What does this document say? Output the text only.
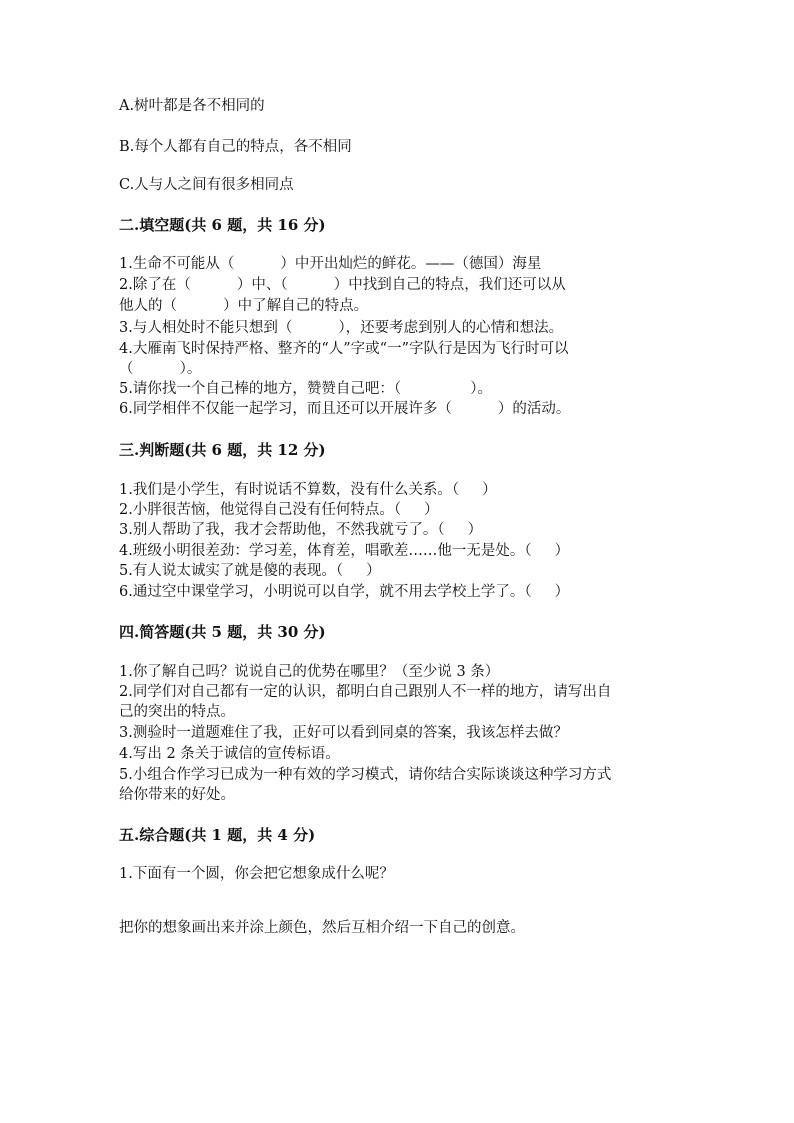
A.树叶都是各不相同的
B.每个人都有自己的特点，各不相同
C.人与人之间有很多相同点
二.填空题(共 6 题，共 16 分)
1.生命不可能从（          ）中开出灿烂的鲜花。——（德国）海星
2.除了在（          ）中、（          ）中找到自己的特点，我们还可以从
他人的（          ）中了解自己的特点。
3.与人相处时不能只想到（          ），还要考虑到别人的心情和想法。
4.大雁南飞时保持严格、整齐的“人”字或“一”字队行是因为飞行时可以
（          ）。
5.请你找一个自己棒的地方，赞赞自己吧：（               ）。
6.同学相伴不仅能一起学习，而且还可以开展许多（          ）的活动。
三.判断题(共 6 题，共 12 分)
1.我们是小学生，有时说话不算数，没有什么关系。（     ）
2.小胖很苦恼，他觉得自己没有任何特点。（     ）
3.别人帮助了我，我才会帮助他，不然我就亏了。（     ）
4.班级小明很差劲：学习差，体育差，唱歌差……他一无是处。（     ）
5.有人说太诚实了就是傻的表现。（     ）
6.通过空中课堂学习，小明说可以自学，就不用去学校上学了。（     ）
四.简答题(共 5 题，共 30 分)
1.你了解自己吗？说说自己的优势在哪里？（至少说 3 条）
2.同学们对自己都有一定的认识，都明白自己跟别人不一样的地方，请写出自
己的突出的特点。
3.测验时一道题难住了我，正好可以看到同桌的答案，我该怎样去做？
4.写出 2 条关于诚信的宣传标语。
5.小组合作学习已成为一种有效的学习模式，请你结合实际谈谈这种学习方式
给你带来的好处。
五.综合题(共 1 题，共 4 分)
1.下面有一个圆，你会把它想象成什么呢？
把你的想象画出来并涂上颜色，然后互相介绍一下自己的创意。
